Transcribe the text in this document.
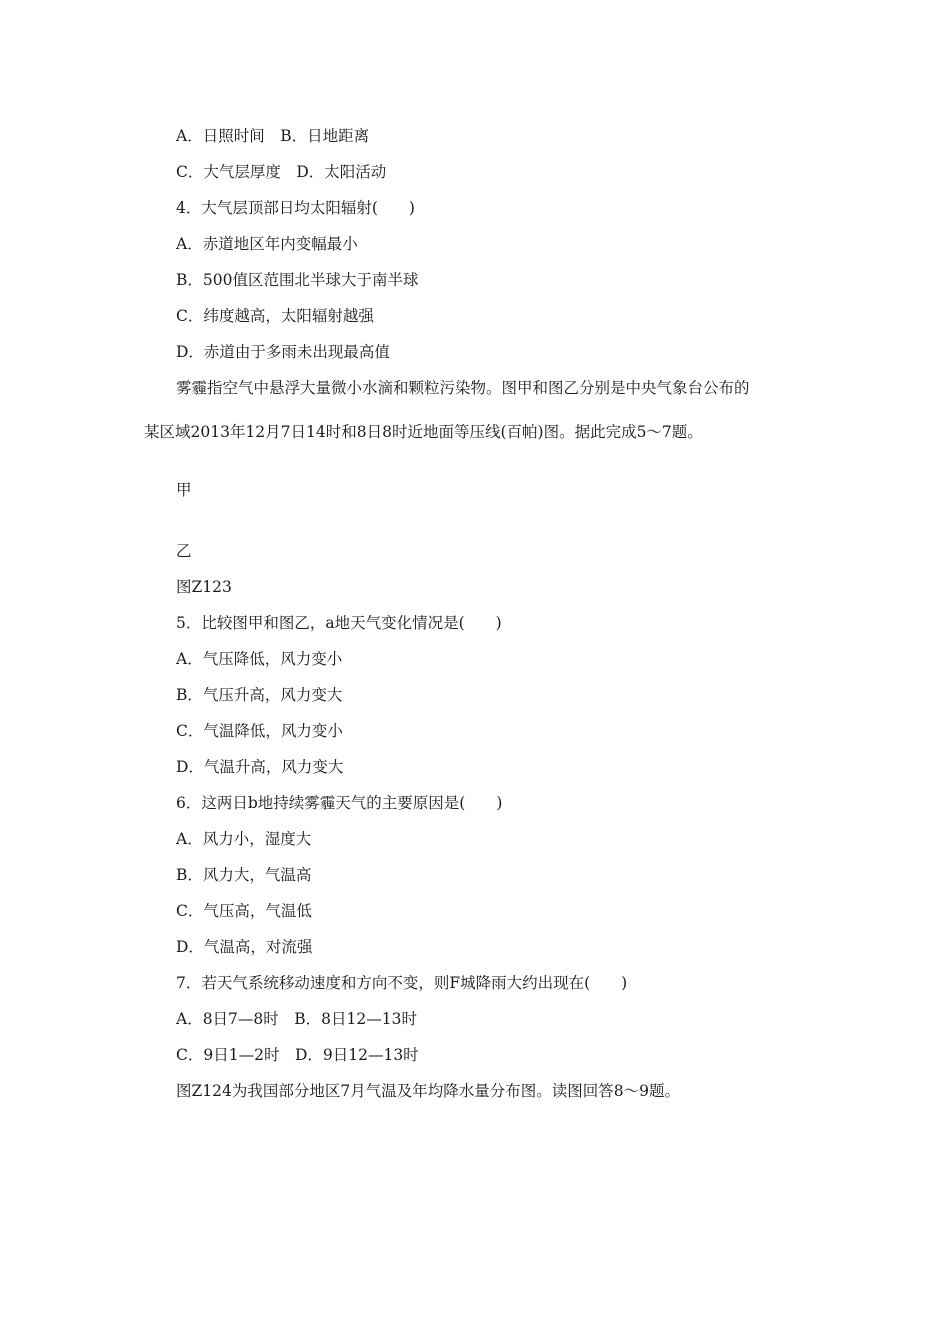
A．日照时间　B．日地距离
C．大气层厚度　D．太阳活动
4．大气层顶部日均太阳辐射(　　)
A．赤道地区年内变幅最小
B．500值区范围北半球大于南半球
C．纬度越高，太阳辐射越强
D．赤道由于多雨未出现最高值
雾霾指空气中悬浮大量微小水滴和颗粒污染物。图甲和图乙分别是中央气象台公布的
某区域2013年12月7日14时和8日8时近地面等压线(百帕)图。据此完成5～7题。
甲
乙
图Z123
5．比较图甲和图乙，a地天气变化情况是(　　)
A．气压降低，风力变小
B．气压升高，风力变大
C．气温降低，风力变小
D．气温升高，风力变大
6．这两日b地持续雾霾天气的主要原因是(　　)
A．风力小，湿度大
B．风力大，气温高
C．气压高，气温低
D．气温高，对流强
7．若天气系统移动速度和方向不变，则F城降雨大约出现在(　　)
A．8日7—8时　B．8日12—13时
C．9日1—2时　D．9日12—13时
图Z124为我国部分地区7月气温及年均降水量分布图。读图回答8～9题。
